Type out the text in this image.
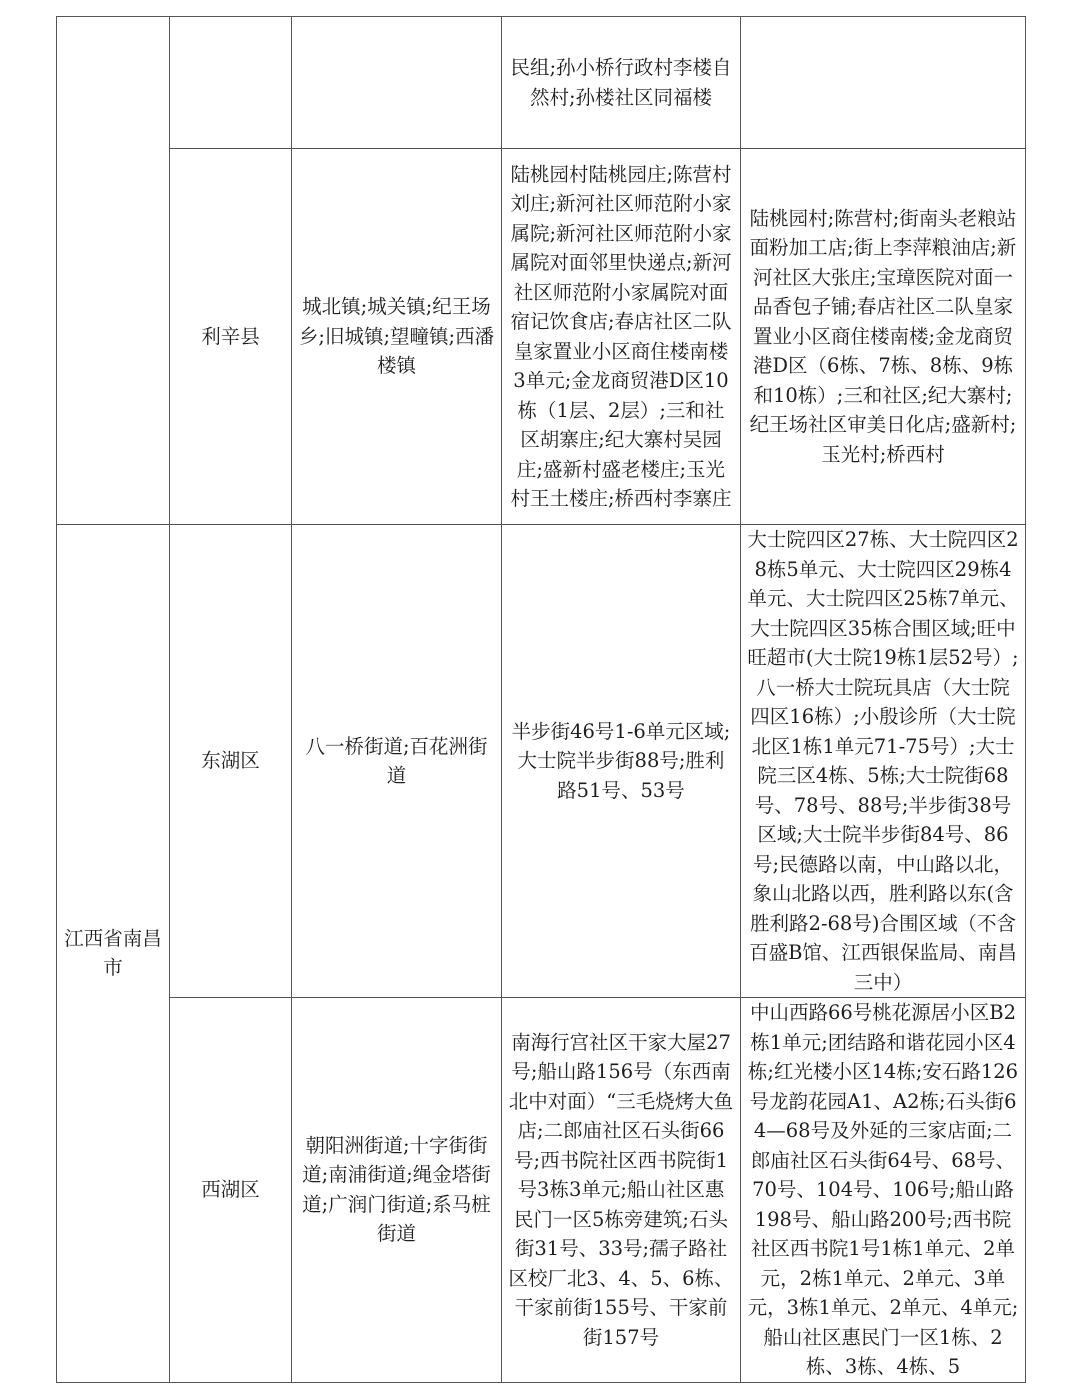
			民组;孙小桥行政村李楼自然村;孙楼社区同福楼	
	利辛县	城北镇;城关镇;纪王场乡;旧城镇;望疃镇;西潘楼镇	陆桃园村陆桃园庄;陈营村刘庄;新河社区师范附小家属院;新河社区师范附小家属院对面邻里快递点;新河社区师范附小家属院对面宿记饮食店;春店社区二队皇家置业小区商住楼南楼3单元;金龙商贸港D区10栋（1层、2层）;三和社区胡寨庄;纪大寨村吴园庄;盛新村盛老楼庄;玉光村王土楼庄;桥西村李寨庄	陆桃园村;陈营村;街南头老粮站面粉加工店;街上李萍粮油店;新河社区大张庄;宝璋医院对面一品香包子铺;春店社区二队皇家置业小区商住楼南楼;金龙商贸港D区（6栋、7栋、8栋、9栋和10栋）;三和社区;纪大寨村;纪王场社区审美日化店;盛新村;玉光村;桥西村
江西省南昌市	东湖区	八一桥街道;百花洲街道	半步街46号1-6单元区域;大士院半步街88号;胜利路51号、53号	大士院四区27栋、大士院四区28栋5单元、大士院四区29栋4单元、大士院四区25栋7单元、大士院四区35栋合围区域;旺中旺超市(大士院19栋1层52号）;八一桥大士院玩具店（大士院四区16栋）;小殷诊所（大士院北区1栋1单元71-75号）;大士院三区4栋、5栋;大士院街68号、78号、88号;半步街38号区域;大士院半步街84号、86号;民德路以南，中山路以北，象山北路以西，胜利路以东(含胜利路2-68号)合围区域（不含百盛B馆、江西银保监局、南昌三中）
	西湖区	朝阳洲街道;十字街街道;南浦街道;绳金塔街道;广润门街道;系马桩街道	南海行宫社区干家大屋27号;船山路156号（东西南北中对面）“三毛烧烤大鱼店;二郎庙社区石头街66号;西书院社区西书院街1号3栋3单元;船山社区惠民门一区5栋旁建筑;石头街31号、33号;孺子路社区校厂北3、4、5、6栋、干家前街155号、干家前街157号	中山西路66号桃花源居小区B2栋1单元;团结路和谐花园小区4栋;红光楼小区14栋;安石路126号龙韵花园A1、A2栋;石头街64—68号及外延的三家店面;二郎庙社区石头街64号、68号、70号、104号、106号;船山路198号、船山路200号;西书院社区西书院1号1栋1单元、2单元，2栋1单元、2单元、3单元，3栋1单元、2单元、4单元;船山社区惠民门一区1栋、2栋、3栋、4栋、5
